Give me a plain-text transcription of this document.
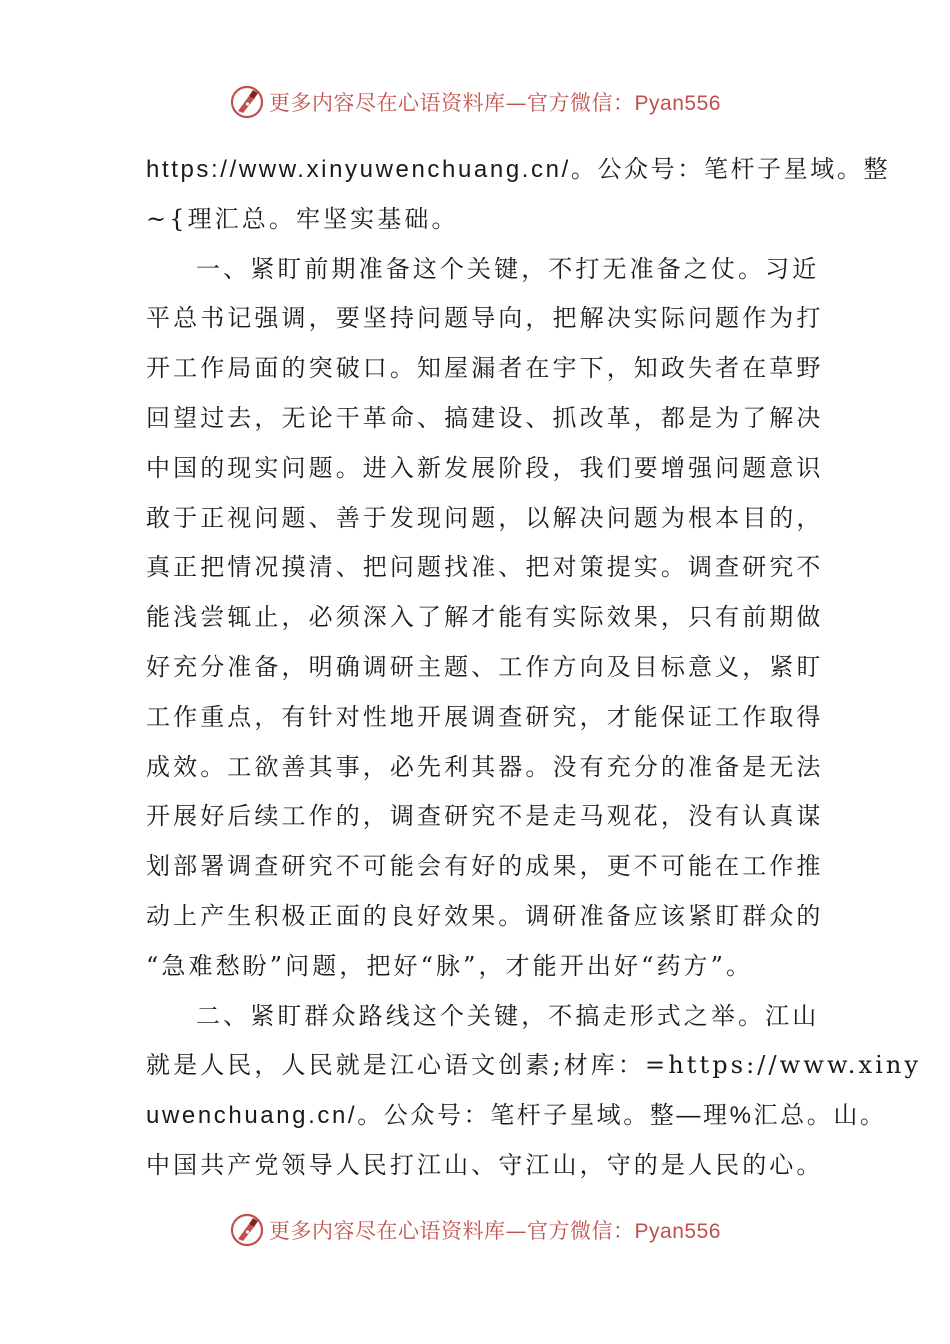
更多内容尽在心语资料库—官方微信：Pyan556
https://www.xinyuwenchuang.cn/。公众号：笔杆子星域。整
~{理汇总。牢坚实基础。
一、紧盯前期准备这个关键，不打无准备之仗。习近
平总书记强调，要坚持问题导向，把解决实际问题作为打
开工作局面的突破口。知屋漏者在宇下，知政失者在草野
回望过去，无论干革命、搞建设、抓改革，都是为了解决
中国的现实问题。进入新发展阶段，我们要增强问题意识
敢于正视问题、善于发现问题，以解决问题为根本目的，
真正把情况摸清、把问题找准、把对策提实。调查研究不
能浅尝辄止，必须深入了解才能有实际效果，只有前期做
好充分准备，明确调研主题、工作方向及目标意义，紧盯
工作重点，有针对性地开展调查研究，才能保证工作取得
成效。工欲善其事，必先利其器。没有充分的准备是无法
开展好后续工作的，调查研究不是走马观花，没有认真谋
划部署调查研究不可能会有好的成果，更不可能在工作推
动上产生积极正面的良好效果。调研准备应该紧盯群众的
“急难愁盼”问题，把好“脉”，才能开出好“药方”。
二、紧盯群众路线这个关键，不搞走形式之举。江山
就是人民，人民就是江心语文创素;材库：=https://www.xiny
uwenchuang.cn/。公众号：笔杆子星域。整—理%汇总。山。
中国共产党领导人民打江山、守江山，守的是人民的心。
更多内容尽在心语资料库—官方微信：Pyan556
